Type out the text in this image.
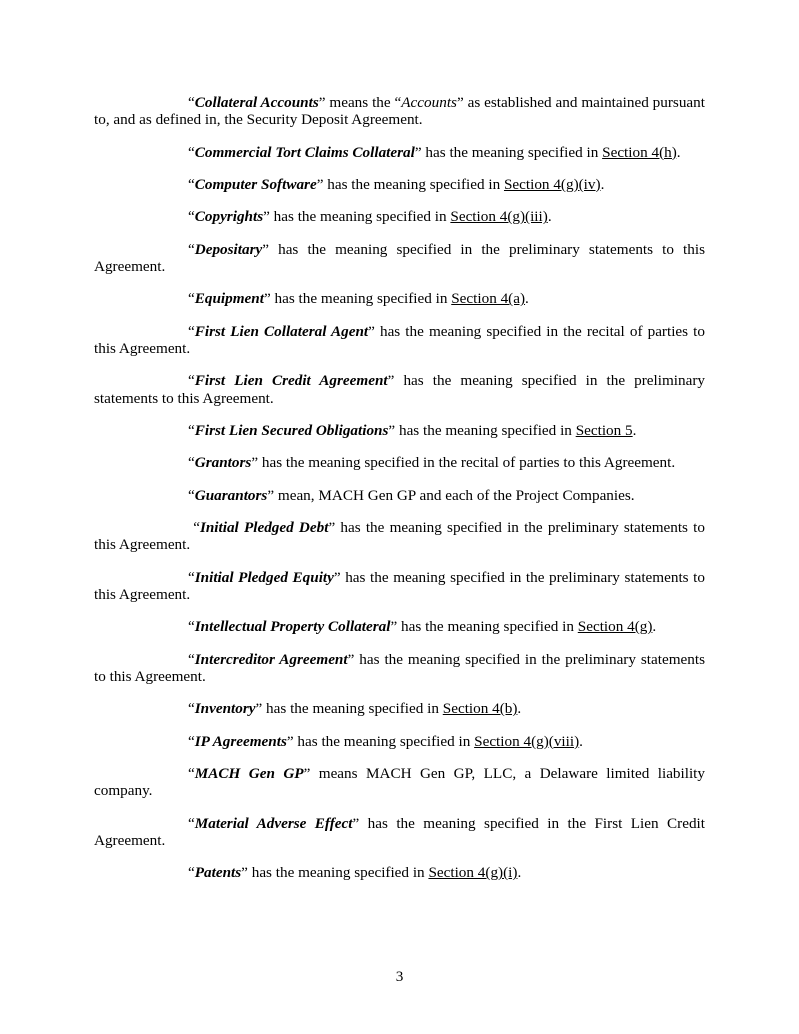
“Collateral Accounts” means the “Accounts” as established and maintained pursuant to, and as defined in, the Security Deposit Agreement.

“Commercial Tort Claims Collateral” has the meaning specified in Section 4(h).

“Computer Software” has the meaning specified in Section 4(g)(iv).

“Copyrights” has the meaning specified in Section 4(g)(iii).

“Depositary” has the meaning specified in the preliminary statements to this Agreement.

“Equipment” has the meaning specified in Section 4(a).

“First Lien Collateral Agent” has the meaning specified in the recital of parties to this Agreement.

“First Lien Credit Agreement” has the meaning specified in the preliminary statements to this Agreement.

“First Lien Secured Obligations” has the meaning specified in Section 5.

“Grantors” has the meaning specified in the recital of parties to this Agreement.

“Guarantors” mean, MACH Gen GP and each of the Project Companies.

“Initial Pledged Debt” has the meaning specified in the preliminary statements to this Agreement.

“Initial Pledged Equity” has the meaning specified in the preliminary statements to this Agreement.

“Intellectual Property Collateral” has the meaning specified in Section 4(g).

“Intercreditor Agreement” has the meaning specified in the preliminary statements to this Agreement.

“Inventory” has the meaning specified in Section 4(b).

“IP Agreements” has the meaning specified in Section 4(g)(viii).

“MACH Gen GP” means MACH Gen GP, LLC, a Delaware limited liability company.

“Material Adverse Effect” has the meaning specified in the First Lien Credit Agreement.

“Patents” has the meaning specified in Section 4(g)(i).

3
